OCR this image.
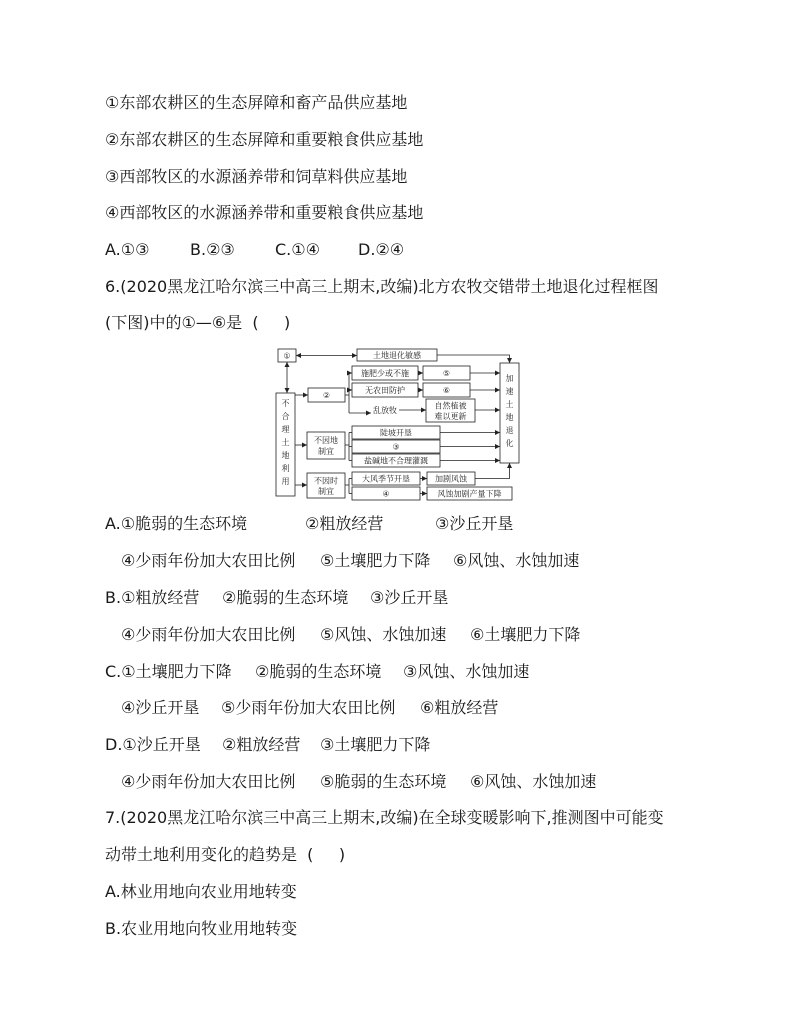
①东部农耕区的生态屏障和畜产品供应基地
②东部农耕区的生态屏障和重要粮食供应基地
③西部牧区的水源涵养带和饲草料供应基地
④西部牧区的水源涵养带和重要粮食供应基地

A.①③

	B.②③

	C.①④

D.②④

6.(2020黑龙江哈尔滨三中高三上期末,改编)北方农牧交错带土地退化过程框图
(下图)中的①—⑥是  (     )
①	土地退化敏感
不合理土地利用	加速土地退化
②
施肥少或不施	⑤
无农田防护	⑥
乱放牧	自然植被
难以更新
不因地
制宜
陡坡开垦
③
盐碱地不合理灌溉
不因时
制宜
大风季节开垦
④
加剧风蚀
风蚀加剧产量下降

A.①脆弱的生态环境

	②粗放经营

	③沙丘开垦

④少雨年份加大农田比例

⑤土壤肥力下降

⑥风蚀、水蚀加速

B.①粗放经营

②脆弱的生态环境

③沙丘开垦

④少雨年份加大农田比例

⑤风蚀、水蚀加速

⑥土壤肥力下降

C.①土壤肥力下降

②脆弱的生态环境

③风蚀、水蚀加速

④沙丘开垦

⑤少雨年份加大农田比例

⑥粗放经营

D.①沙丘开垦

②粗放经营

③土壤肥力下降

④少雨年份加大农田比例

⑤脆弱的生态环境

⑥风蚀、水蚀加速

7.(2020黑龙江哈尔滨三中高三上期末,改编)在全球变暖影响下,推测图中可能变
动带土地利用变化的趋势是  (     )
A.林业用地向农业用地转变
B.农业用地向牧业用地转变
